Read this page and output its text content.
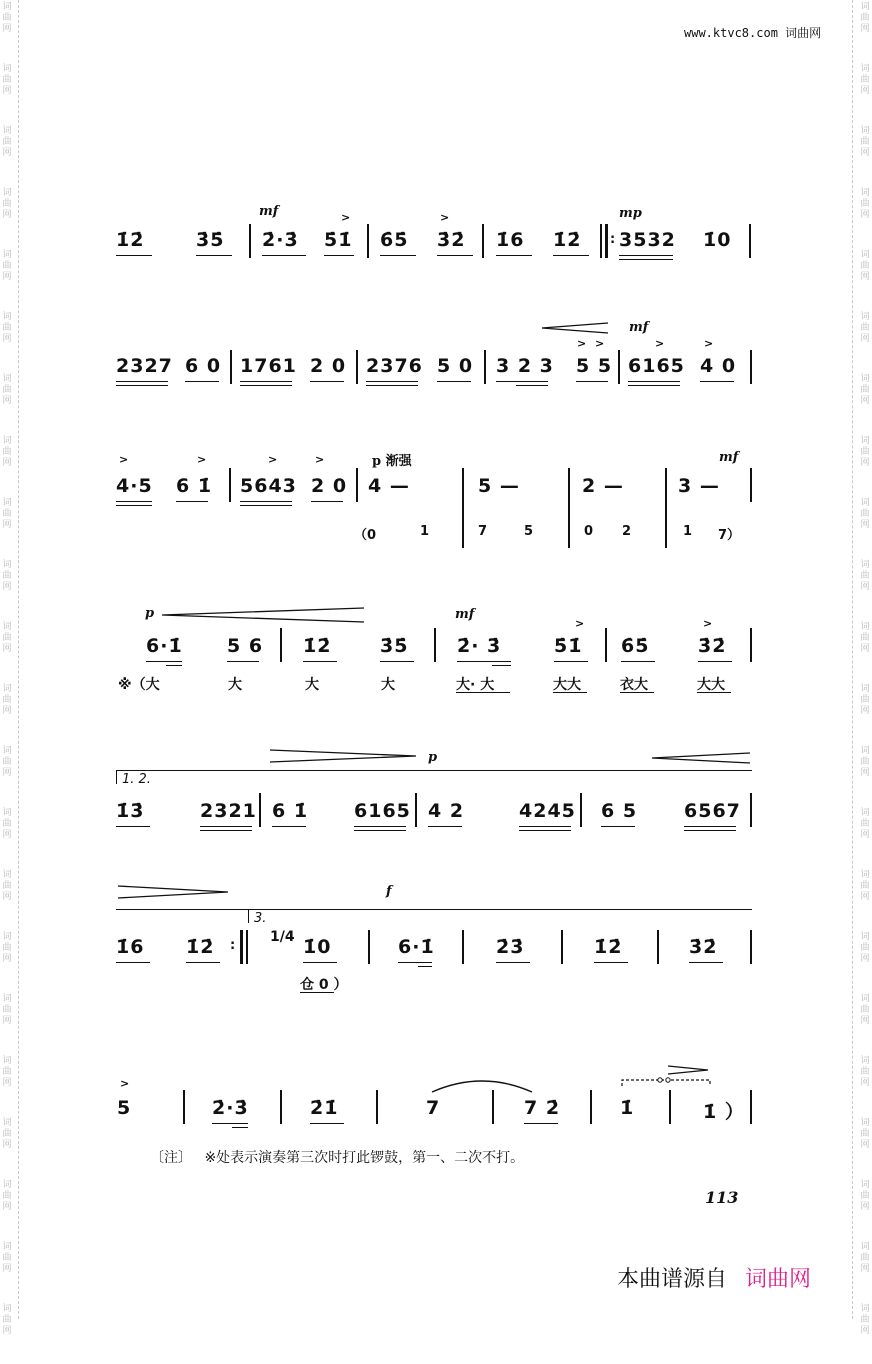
词
曲
网
词
曲
网
词
曲
网
词
曲
网
词
曲
网
词
曲
网
词
曲
网
词
曲
网
词
曲
网
词
曲
网
词
曲
网
词
曲
网
词
曲
网
词
曲
网
词
曲
网
词
曲
网
词
曲
网
词
曲
网
词
曲
网
词
曲
网
词
曲
网
词
曲
网
词
曲
网
词
曲
网
词
曲
网
词
曲
网
词
曲
网
词
曲
网
词
曲
网
词
曲
网
词
曲
网
词
曲
网
词
曲
网
词
曲
网
词
曲
网
词
曲
网
词
曲
网
词
曲
网
词
曲
网
词
曲
网
词
曲
网
词
曲
网
词
曲
网
词
曲
网
www.ktvc8.com 词曲网
mf	mp
1̇2̇	3̇5̇ 2̇·3̇
>
5̇1̇ 6̇5̇
>
3̇2̇ 1̇6 1̇2̇ : 3532 1̇0
mf
2327 6 0 1761 2 0 2376 5 0 3 2 3
> >
5 5
>	>
6165 4 0
>	>	>	>	p 渐强	mf
4·5 6 1̇ 5643 2 0 4 —	5 —	2 —	3 —
（0	1	7	5	0 2	1 7）
p	mf
6·1̇ 5 6 1̇2̇	3̇5̇	2̇· 3̇
>
5̇1̇ 6̇5̇
>
3̇2̇
※（大	大	大	大	大· 大	大大	衣大	大大
p
1. 2.
1̇3̇	2321 6 1̇ 6165 4 2	4245 6 5 6567
f
3.
1̇6 1̇2̇ :
1/4 1̇0	6·1̇	2̇3̇	1̇2̇	3̇2̇
仓 0 ）
>
5	2̇·3̇	2̇1̇	7	7 2̇	1̇	1̇ ）
〔注〕 ※处表示演奏第三次时打此锣鼓，第一、二次不打。
113
本曲谱源自 词曲网
